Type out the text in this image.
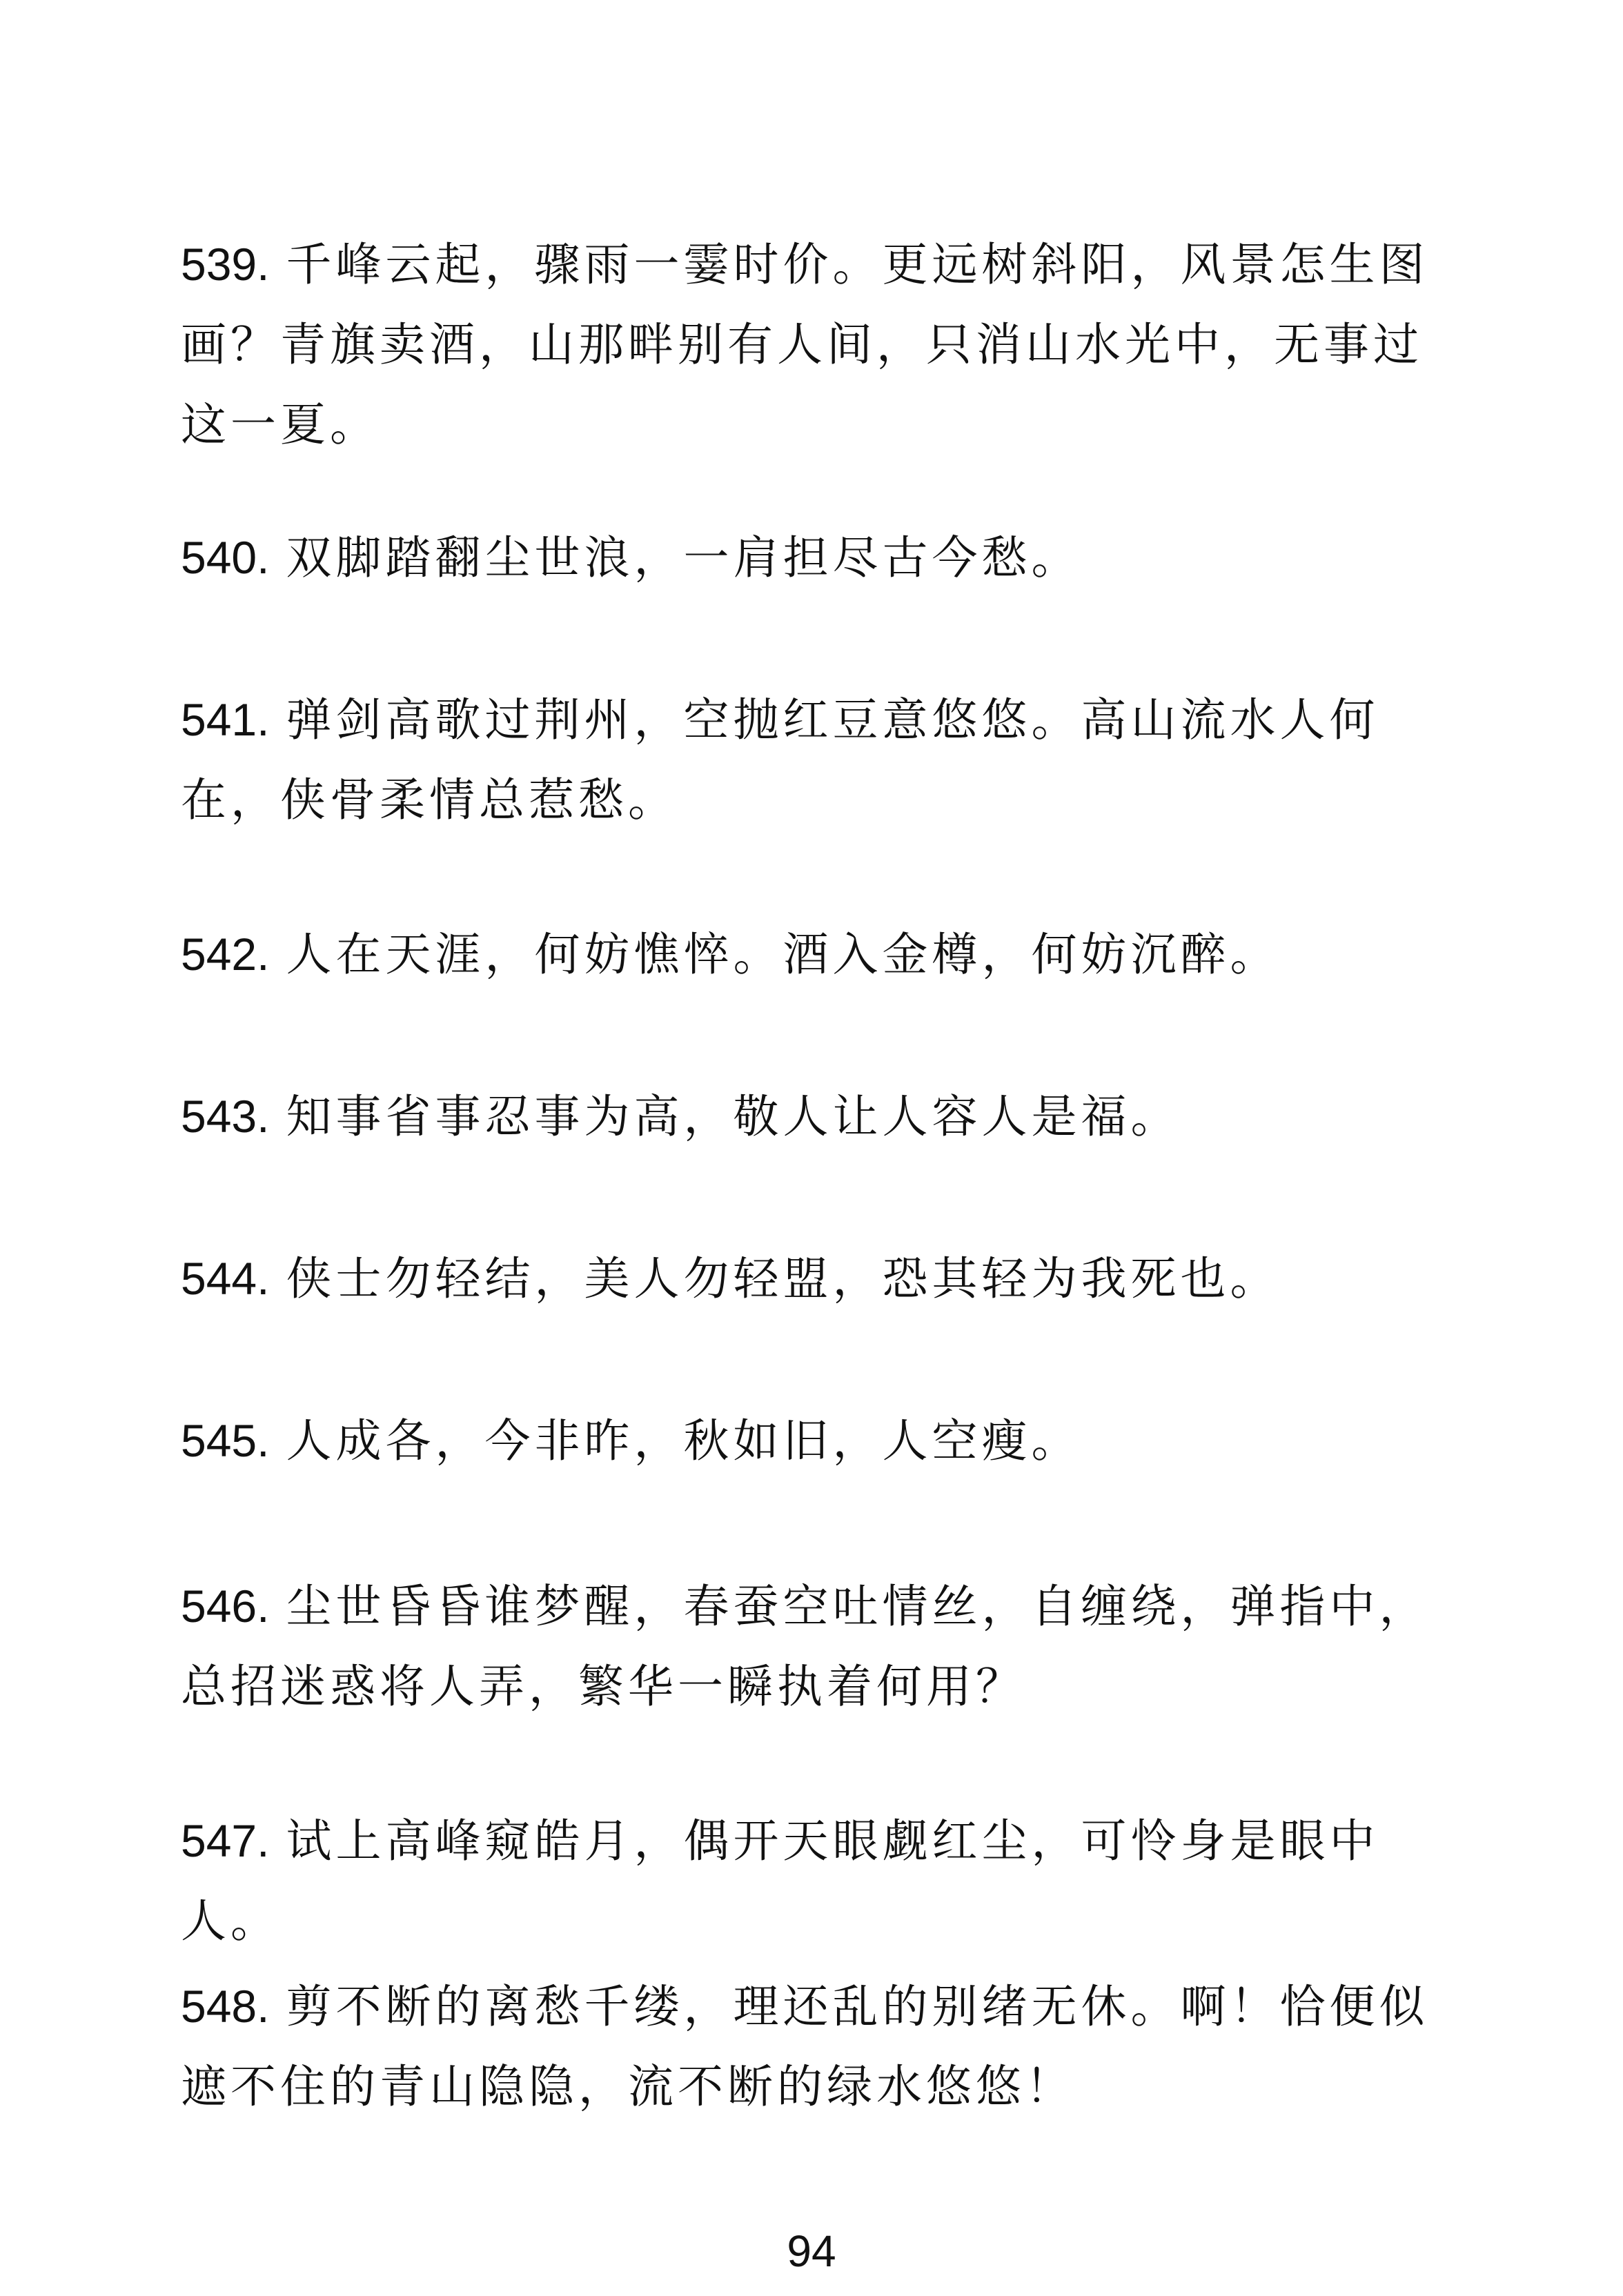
539. 千峰云起，骤雨一霎时价。更远树斜阳，风景怎生图画？青旗卖酒，山那畔别有人间，只消山水光中，无事过这一夏。
540. 双脚踏翻尘世浪，一肩担尽古今愁。
541. 弹剑高歌过荆州，空抛红豆意悠悠。高山流水人何在，侠骨柔情总惹愁。
542. 人在天涯，何妨憔悴。酒入金樽，何妨沉醉。
543. 知事省事忍事为高，敬人让人容人是福。
544. 侠士勿轻结，美人勿轻盟，恐其轻为我死也。
545. 人成各，今非昨，秋如旧，人空瘦。
546. 尘世昏昏谁梦醒，春蚕空吐情丝，自缠绕，弹指中，总招迷惑将人弄，繁华一瞬执着何用？
547. 试上高峰窥皓月，偶开天眼觑红尘，可怜身是眼中人。
548. 剪不断的离愁千缕，理还乱的别绪无休。啊！恰便似遮不住的青山隐隐，流不断的绿水悠悠！
94
